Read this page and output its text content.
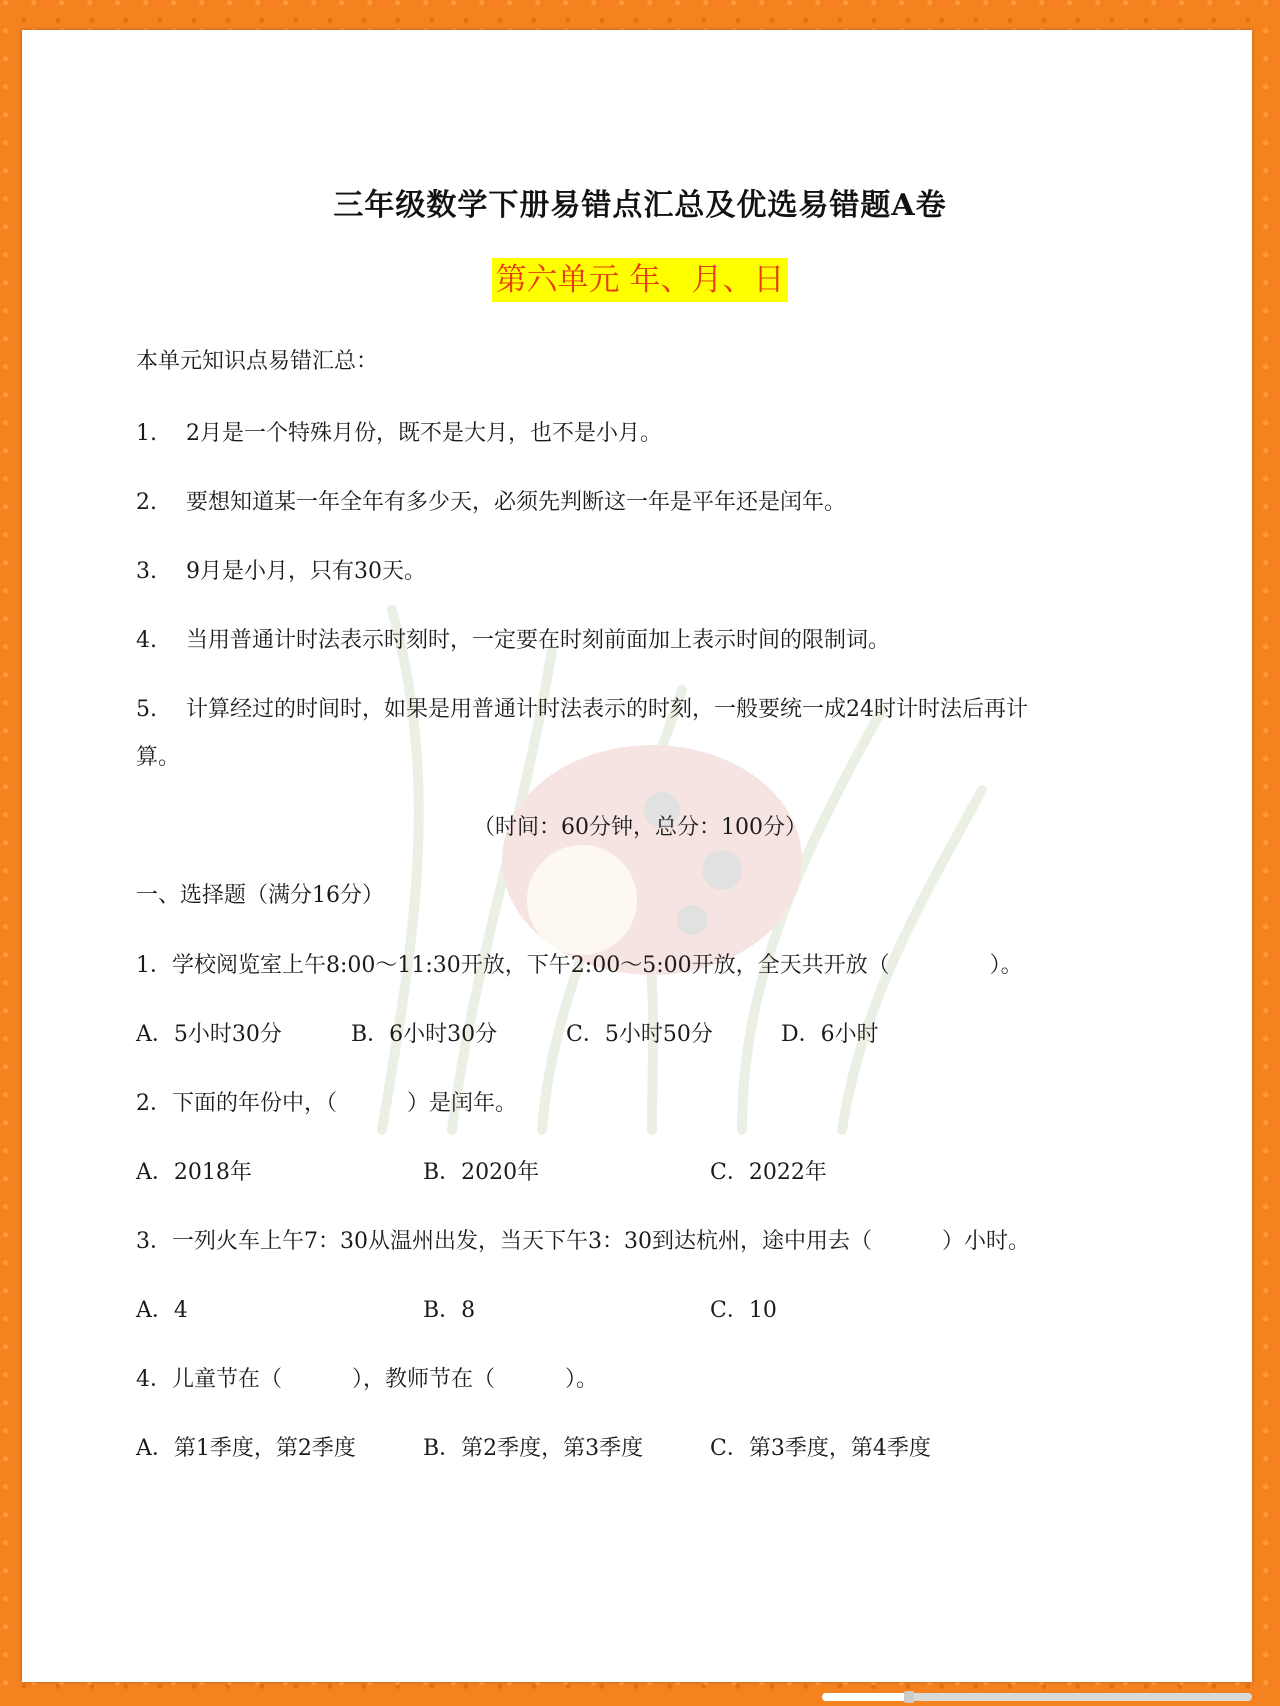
三年级数学下册易错点汇总及优选易错题A卷
第六单元 年、月、日
本单元知识点易错汇总：
1. 2月是一个特殊月份，既不是大月，也不是小月。
2. 要想知道某一年全年有多少天，必须先判断这一年是平年还是闰年。
3. 9月是小月，只有30天。
4. 当用普通计时法表示时刻时，一定要在时刻前面加上表示时间的限制词。
5. 计算经过的时间时，如果是用普通计时法表示的时刻，一般要统一成24时计时法后再计
算。
（时间：60分钟，总分：100分）
一、选择题（满分16分）
1．学校阅览室上午8:00～11:30开放，下午2:00～5:00开放，全天共开放（	）。
A．5小时30分	B．6小时30分	C．5小时50分	D．6小时
2．下面的年份中，（	）是闰年。
A．2018年	B．2020年	C．2022年
3．一列火车上午7：30从温州出发，当天下午3：30到达杭州，途中用去（	）小时。
A．4	B．8	C．10
4．儿童节在（	），教师节在（	）。
A．第1季度，第2季度	B．第2季度，第3季度	C．第3季度，第4季度
